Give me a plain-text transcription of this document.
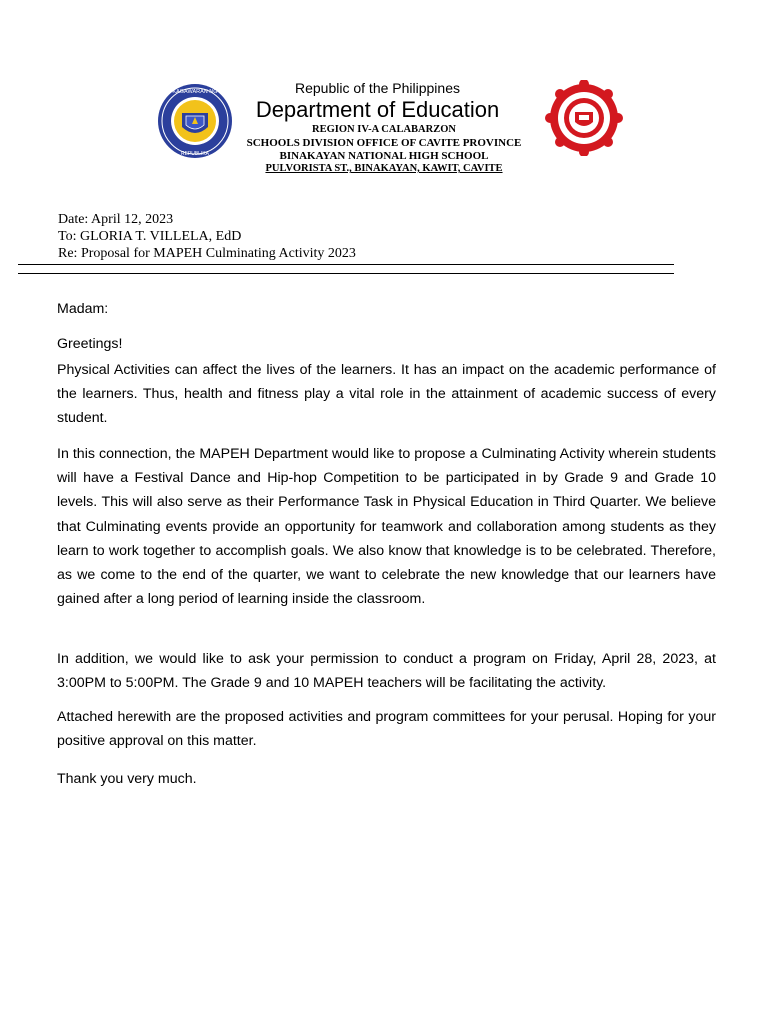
KAGAWARAN NG
REPUBLIKA
Republic of the Philippines
Department of Education
REGION IV-A CALABARZON
SCHOOLS DIVISION OFFICE OF CAVITE PROVINCE
BINAKAYAN NATIONAL HIGH SCHOOL
PULVORISTA ST., BINAKAYAN, KAWIT, CAVITE
Date: April 12, 2023
To: GLORIA T. VILLELA, EdD
Re: Proposal for MAPEH Culminating Activity 2023

Madam:

Greetings!

Physical Activities can affect the lives of the learners. It has an impact on the academic performance of the learners. Thus, health and fitness play a vital role in the attainment of academic success of every student.

In this connection, the MAPEH Department would like to propose a Culminating Activity wherein students will have a Festival Dance and Hip-hop Competition to be participated in by Grade 9 and Grade 10 levels. This will also serve as their Performance Task in Physical Education in Third Quarter. We believe that Culminating events provide an opportunity for teamwork and collaboration among students as they learn to work together to accomplish goals. We also know that knowledge is to be celebrated. Therefore, as we come to the end of the quarter, we want to celebrate the new knowledge that our learners have gained after a long period of learning inside the classroom.

In addition, we would like to ask your permission to conduct a program on Friday, April 28, 2023, at 3:00PM to 5:00PM. The Grade 9 and 10 MAPEH teachers will be facilitating the activity.

Attached herewith are the proposed activities and program committees for your perusal. Hoping for your positive approval on this matter.

Thank you very much.
